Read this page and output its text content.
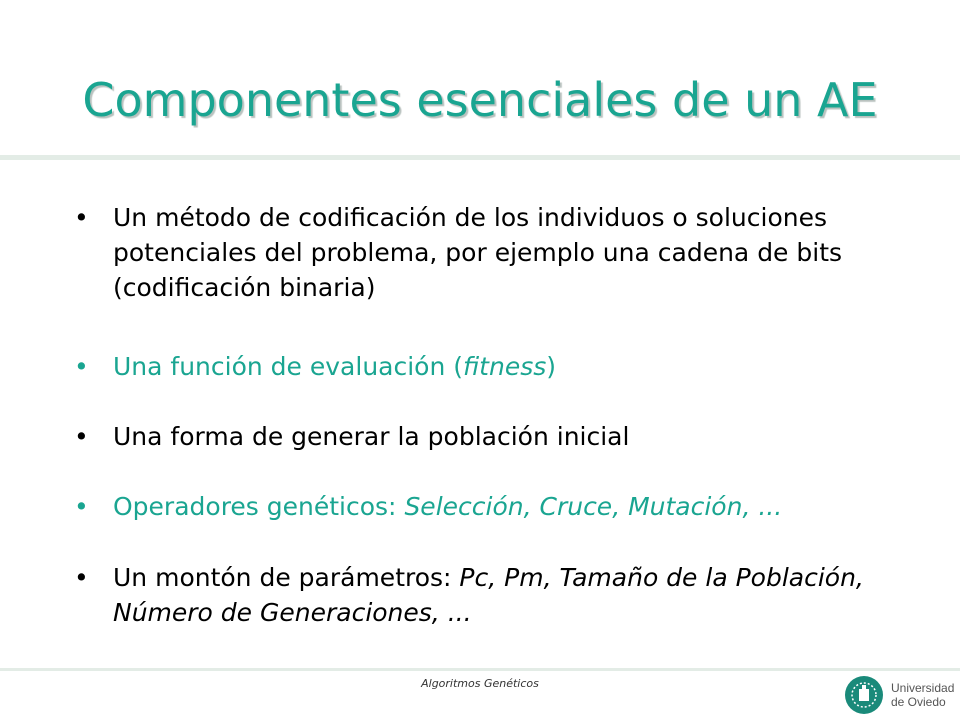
Componentes esenciales de un AE
• Un método de codificación de los individuos o soluciones potenciales del problema, por ejemplo una cadena de bits (codificación binaria)
• Una función de evaluación (fitness)
• Una forma de generar la población inicial
• Operadores genéticos: Selección, Cruce, Mutación, ...
• Un montón de parámetros: Pc, Pm, Tamaño de la Población, Número de Generaciones, ...
Algoritmos Genéticos	Universidad
de Oviedo
